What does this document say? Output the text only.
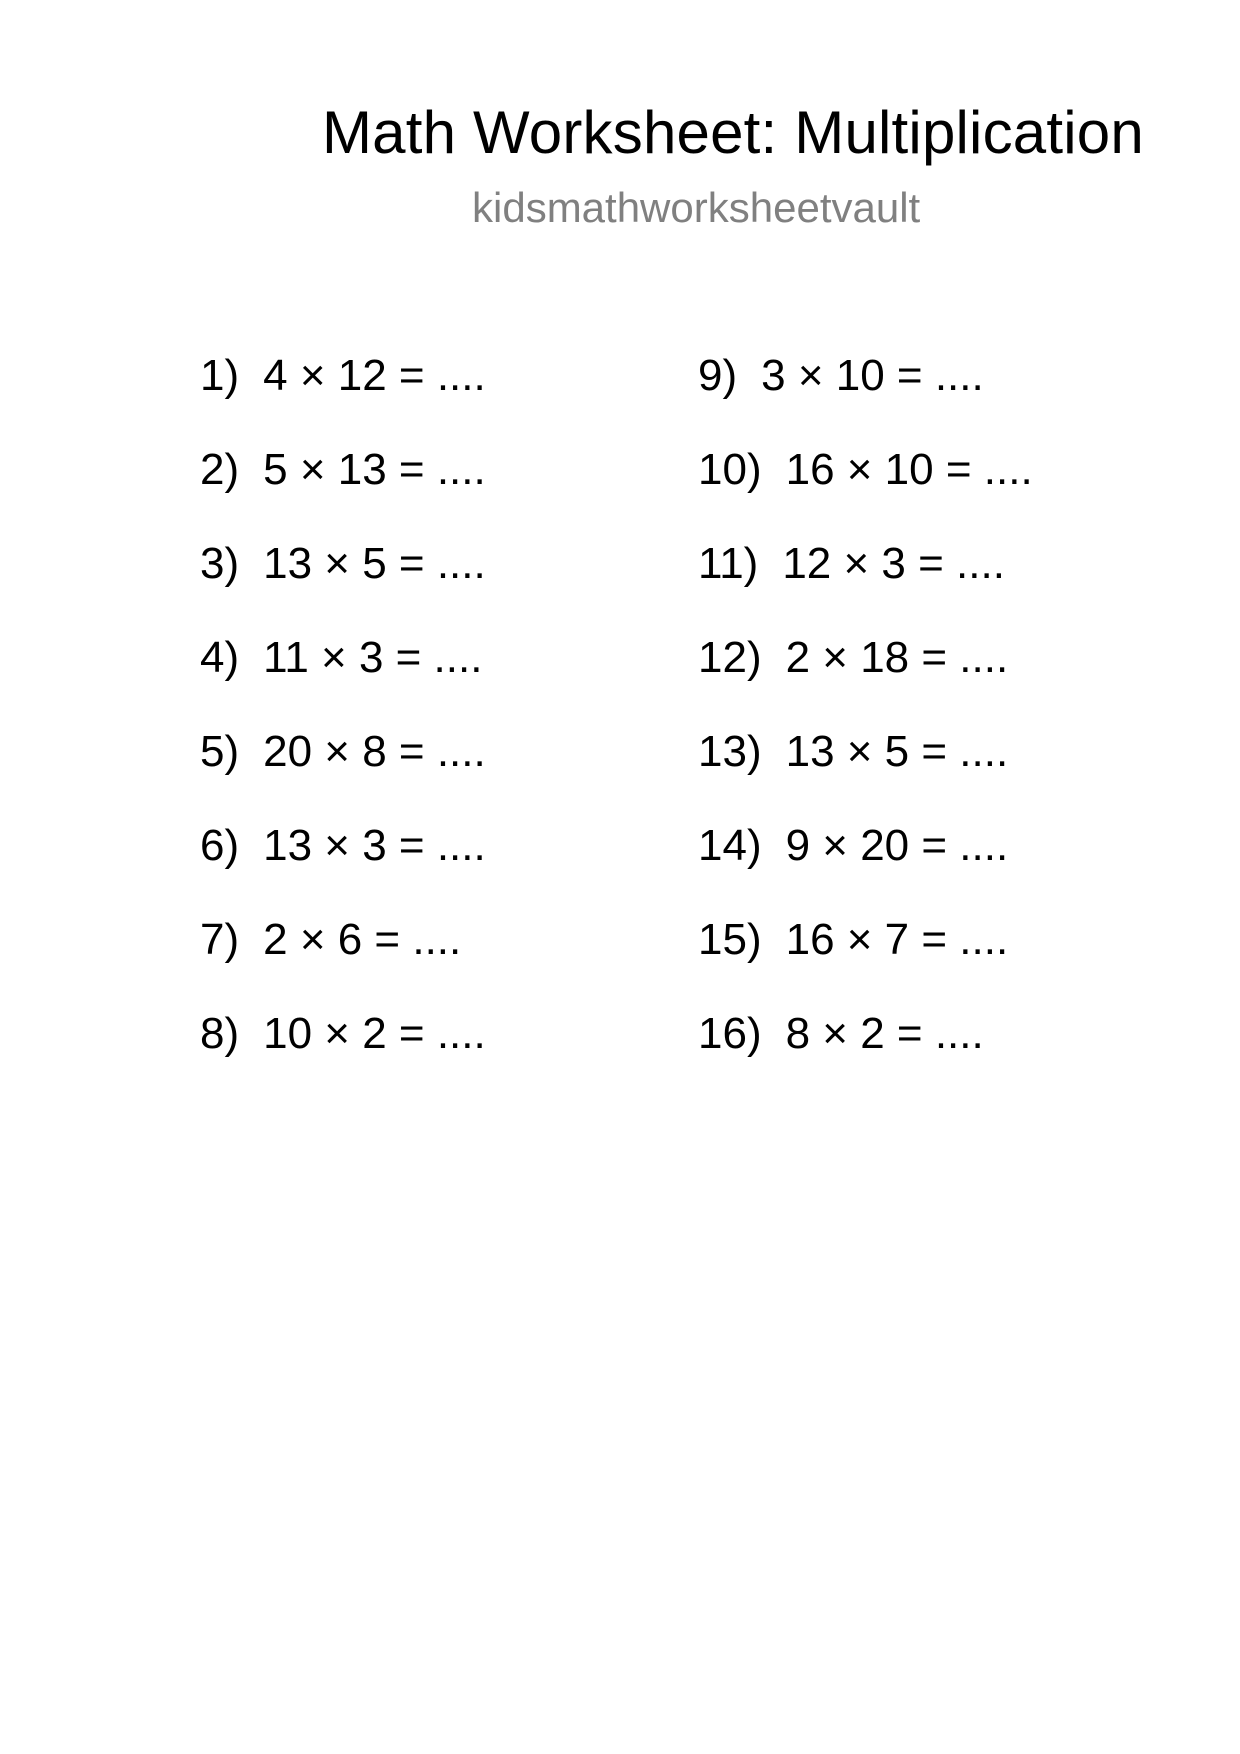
Math Worksheet: Multiplication
kidsmathworksheetvault
1) 4 × 12 = ....
2) 5 × 13 = ....
3) 13 × 5 = ....
4) 11 × 3 = ....
5) 20 × 8 = ....
6) 13 × 3 = ....
7) 2 × 6 = ....
8) 10 × 2 = ....
9) 3 × 10 = ....
10) 16 × 10 = ....
11) 12 × 3 = ....
12) 2 × 18 = ....
13) 13 × 5 = ....
14) 9 × 20 = ....
15) 16 × 7 = ....
16) 8 × 2 = ....
